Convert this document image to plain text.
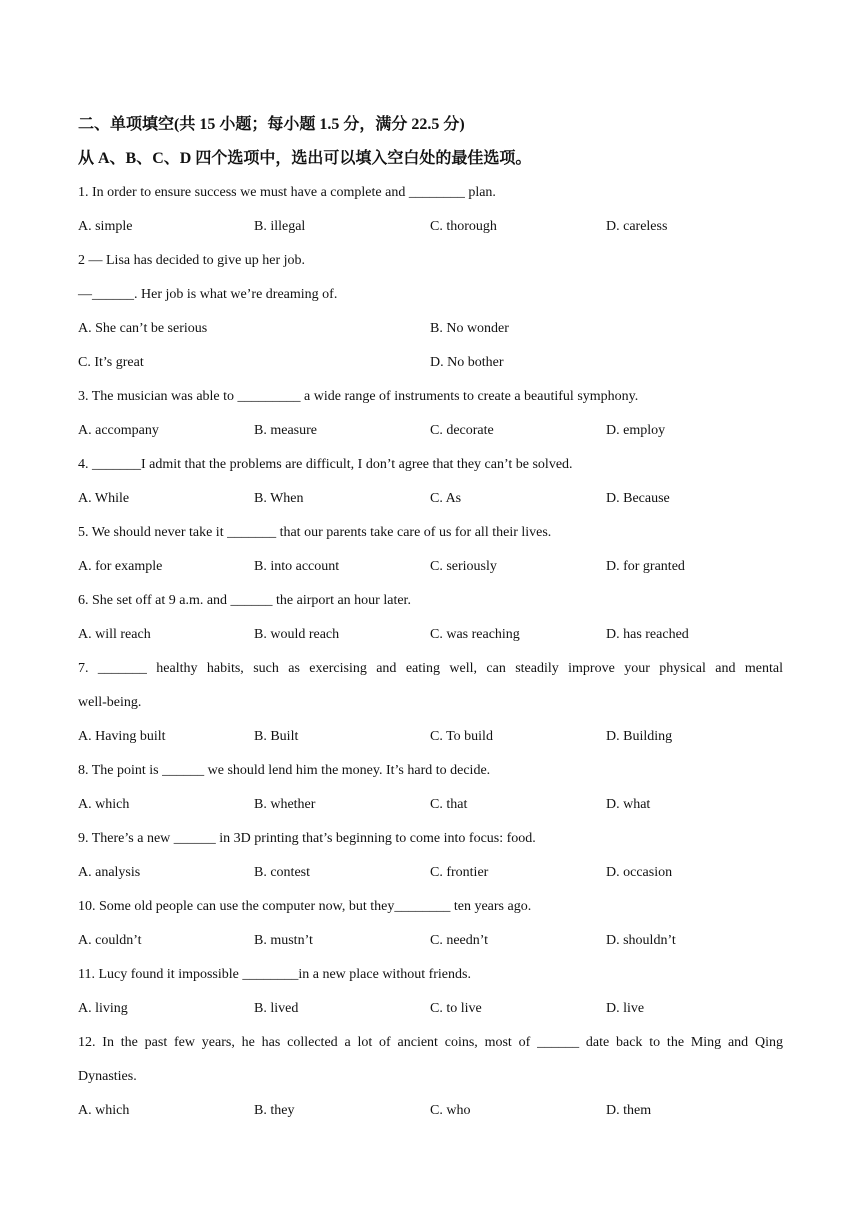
二、单项填空(共 15 小题；每小题 1.5 分，满分 22.5 分)
从 A、B、C、D 四个选项中，选出可以填入空白处的最佳选项。
1. In order to ensure success we must have a complete and ________ plan.
A. simple	B. illegal	C. thorough	D. careless
2 — Lisa has decided to give up her job.
—______. Her job is what we’re dreaming of.
A. She can’t be serious	B. No wonder
C. It’s great	D. No bother
3. The musician was able to _________ a wide range of instruments to create a beautiful symphony.
A. accompany	B. measure	C. decorate	D. employ
4. _______I admit that the problems are difficult, I don’t agree that they can’t be solved.
A. While	B. When	C. As	D. Because
5. We should never take it _______ that our parents take care of us for all their lives.
A. for example	B. into account	C. seriously	D. for granted
6. She set off at 9 a.m. and ______ the airport an hour later.
A. will reach	B. would reach	C. was reaching	D. has reached
7. _______ healthy habits, such as exercising and eating well, can steadily improve your physical and mental
well-being.
A. Having built	B. Built	C. To build	D. Building
8. The point is ______ we should lend him the money. It’s hard to decide.
A. which	B. whether	C. that	D. what
9. There’s a new ______ in 3D printing that’s beginning to come into focus: food.
A. analysis	B. contest	C. frontier	D. occasion
10. Some old people can use the computer now, but they________ ten years ago.
A. couldn’t	B. mustn’t	C. needn’t	D. shouldn’t
11. Lucy found it impossible ________in a new place without friends.
A. living	B. lived	C. to live	D. live
12. In the past few years, he has collected a lot of ancient coins, most of ______ date back to the Ming and Qing
Dynasties.
A. which	B. they	C. who	D. them
